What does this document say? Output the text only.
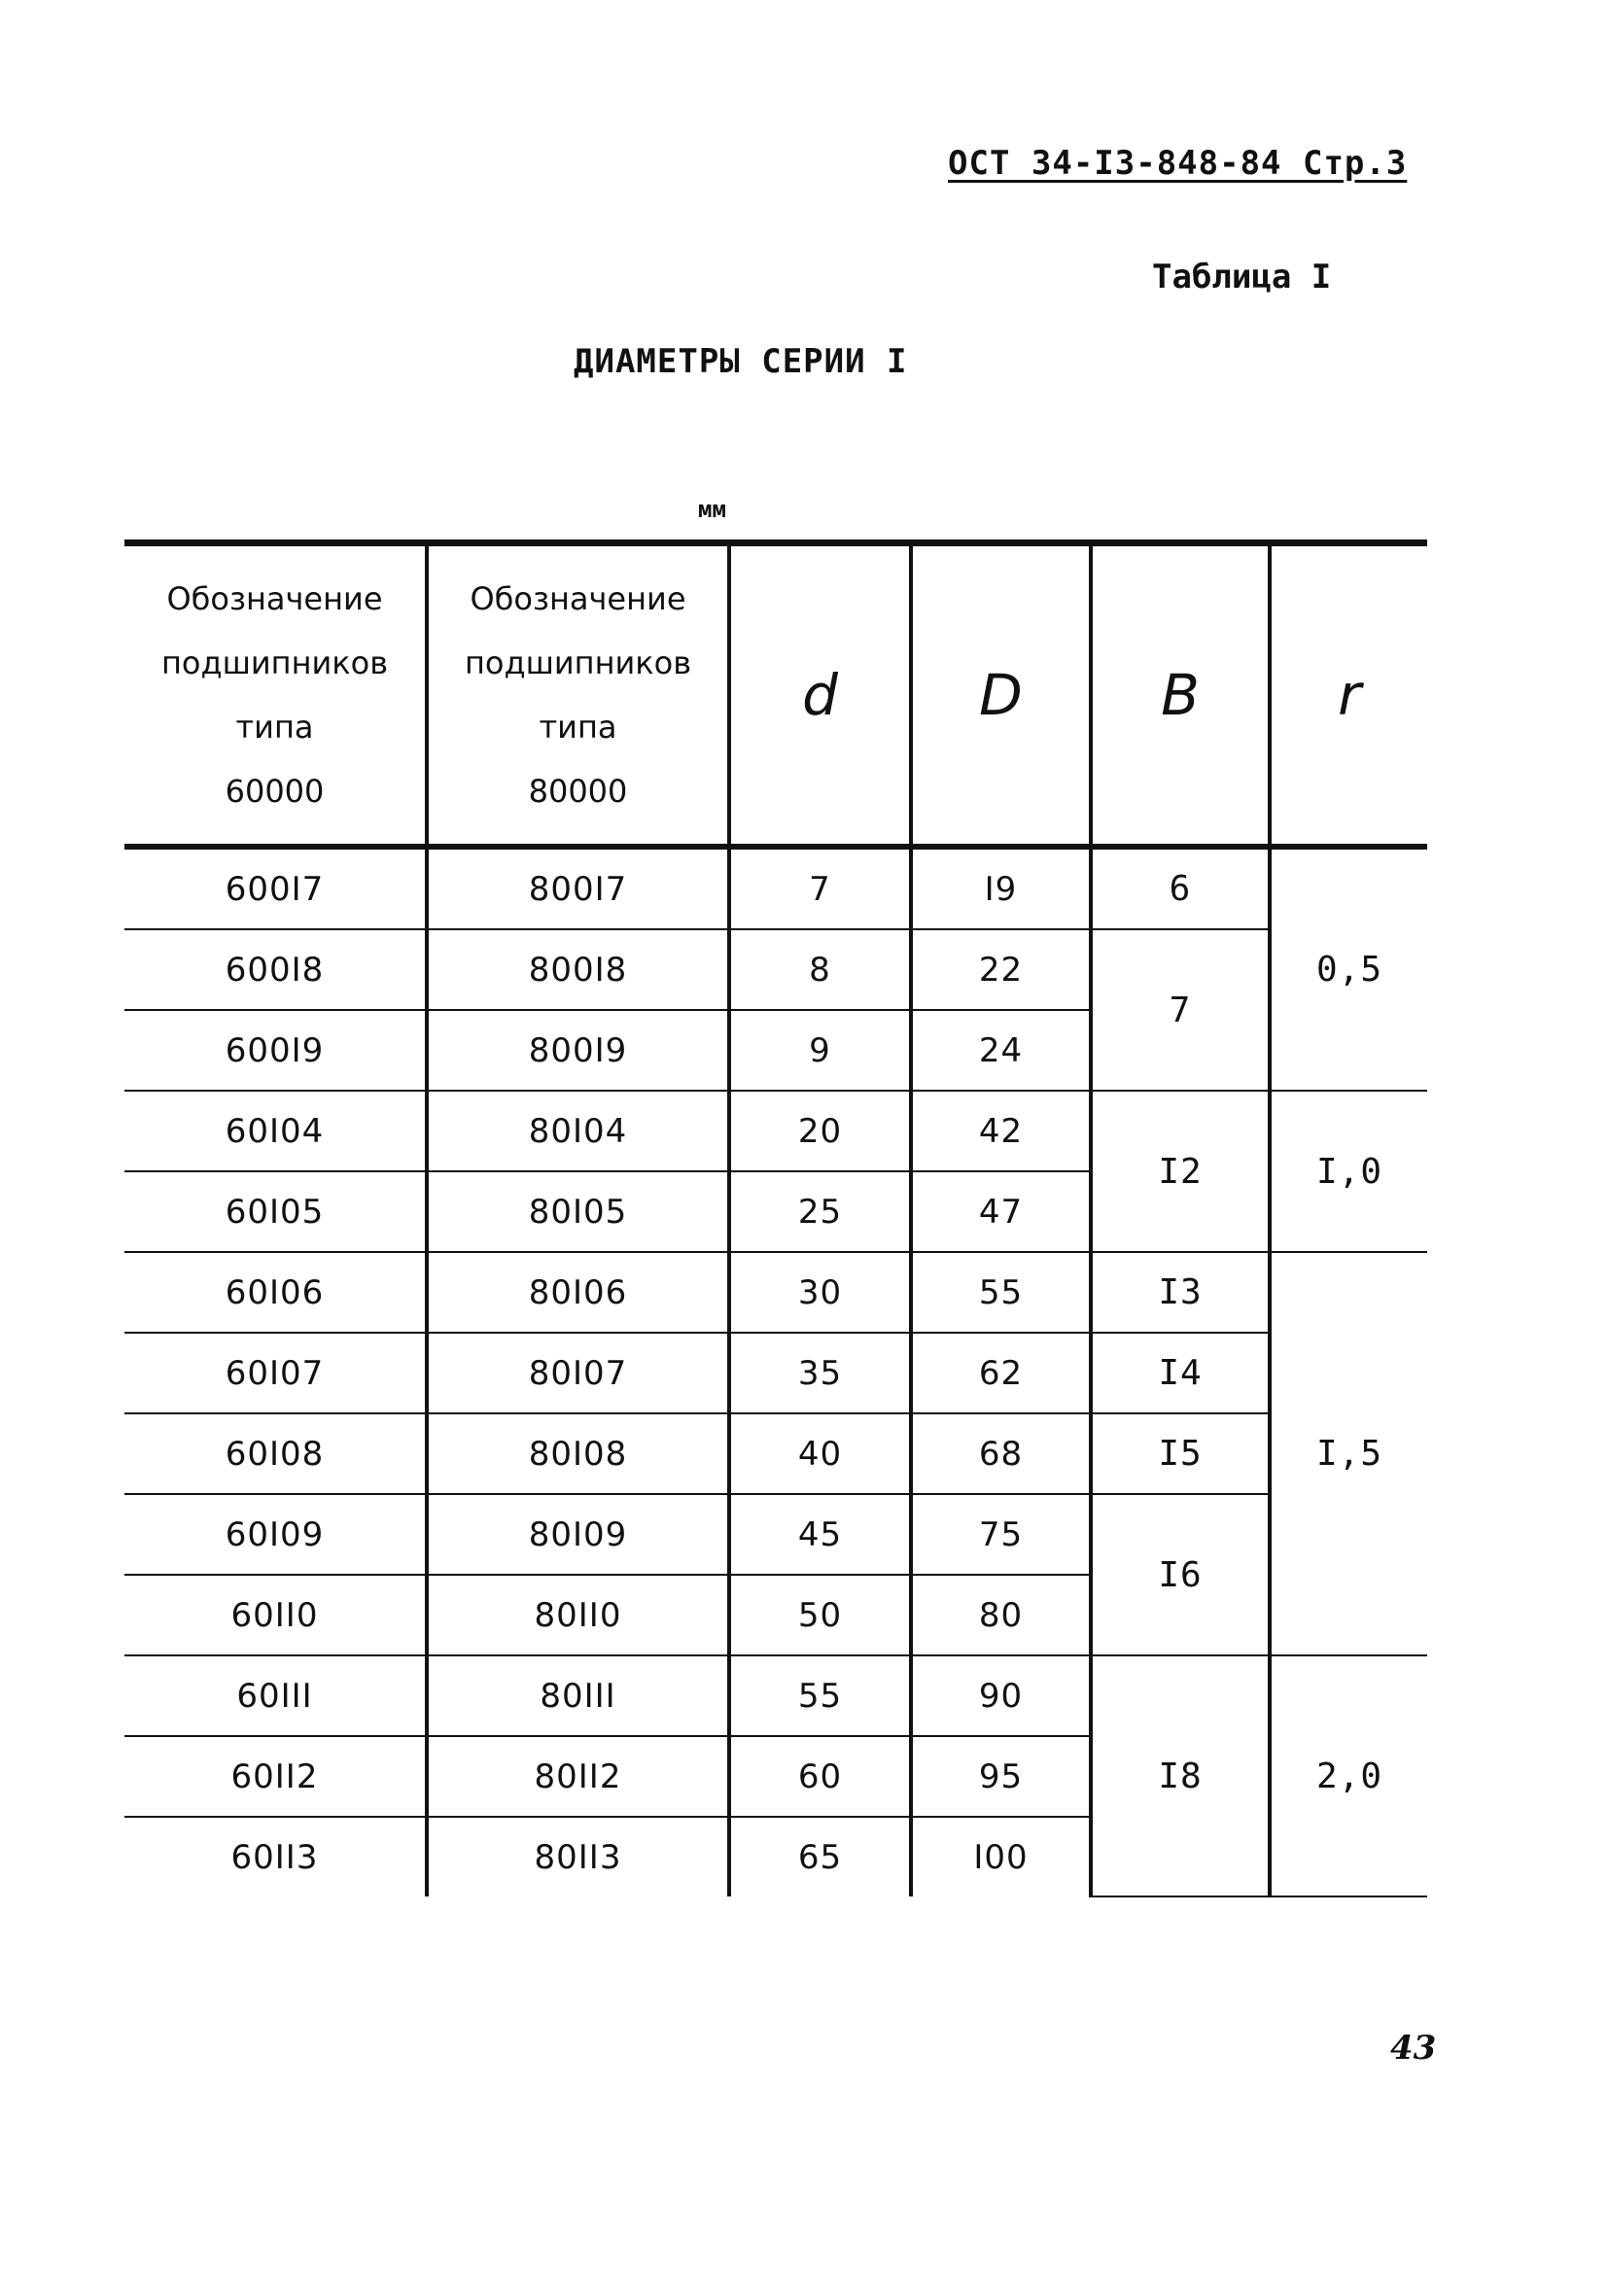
ОСТ 34-I3-848-84 Стр.3
Таблица I
ДИАМЕТРЫ СЕРИИ I
мм
Обозначение
подшипников
типа
60000	Обозначение
подшипников
типа
80000	d	D	B	r
600I7	800I7	7	I9	6	0,5
600I8	800I8	8	22	7	
600I9	800I9	9	24		
60I04	80I04	20	42	I2	I,0
60I05	80I05	25	47		
60I06	80I06	30	55	I3	I,5
60I07	80I07	35	62	I4	
60I08	80I08	40	68	I5	
60I09	80I09	45	75	I6	
60II0	80II0	50	80		
60III	80III	55	90	I8	2,0
60II2	80II2	60	95		
60II3	80II3	65	I00		
43
